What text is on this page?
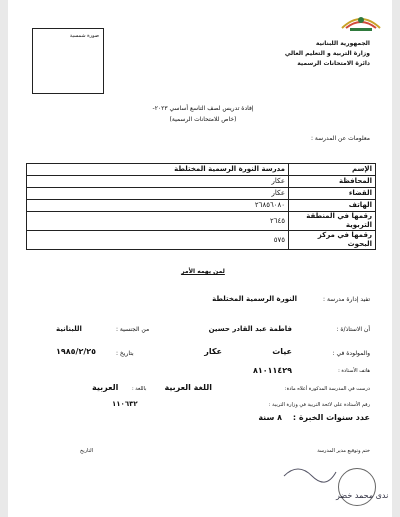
الجمهورية اللبنانية
وزارة التربية و التعليم العالي
دائرة الامتحانات الرسمية
صورة شمسية
إفادة تدريس لصف التاسع أساسي ٢٠٢٣-
(خاص للامتحانات الرسمية)
معلومات عن المدرسة :
الإسم	مدرسة النورة الرسمية المختلطة
المحافظة	عكار
القضاء	عكار
الهاتف	٢٦٨٥٦٠٨٠
رقمها في المنطقة التربوية	٢٦٤٥
رقمها في مركز البحوث	٥٧٥
لمن يهمه الأمر
تفيد إدارة مدرسة :
النورة الرسمية المختلطة
أن الاستاذ/ة :
فاطمة عبد القادر حسين
من الجنسية :
اللبنانية
والمولودة في :
عيات
عكار
بتاريخ :
١٩٨٥/٢/٢٥
هاتف الأستاذة :
٨١٠١١٤٢٩
درست في المدرسة المذكورة أعلاه مادة:
اللغة العربية
باللغة :
العربية
رقم الأستاذة على لائحة التربية في وزارة التربية :
١١٠٦٣٢
عدد سنوات الخبرة :
٨ سنة
ختم وتوقيع مدير المدرسة
التاريخ
ندى محمد خضر
